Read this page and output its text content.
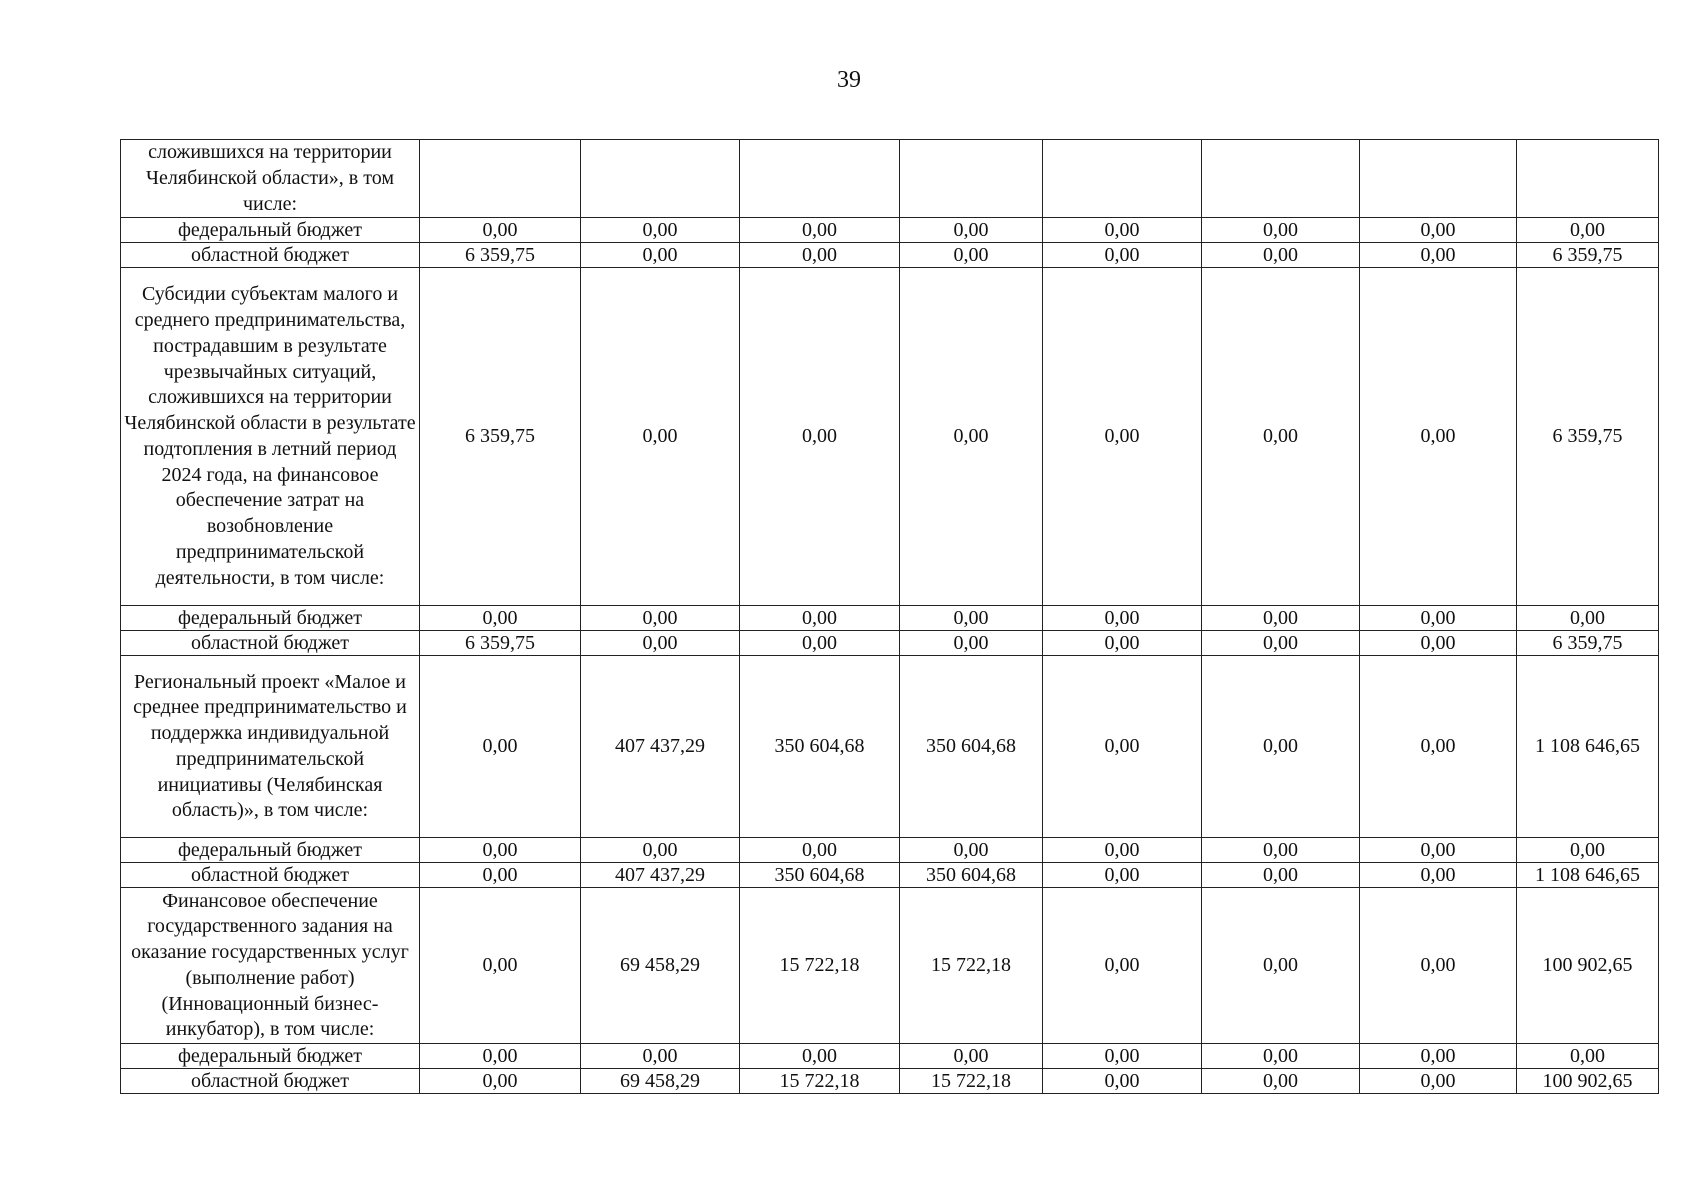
39
сложившихся на территории Челябинской области», в том числе:								
федеральный бюджет	0,00	0,00	0,00	0,00	0,00	0,00	0,00	0,00
областной бюджет	6 359,75	0,00	0,00	0,00	0,00	0,00	0,00	6 359,75
Субсидии субъектам малого и среднего предпринимательства, пострадавшим в результате чрезвычайных ситуаций, сложившихся на территории Челябинской области в результате подтопления в летний период 2024 года, на финансовое обеспечение затрат на возобновление предпринимательской деятельности, в том числе:	6 359,75	0,00	0,00	0,00	0,00	0,00	0,00	6 359,75
федеральный бюджет	0,00	0,00	0,00	0,00	0,00	0,00	0,00	0,00
областной бюджет	6 359,75	0,00	0,00	0,00	0,00	0,00	0,00	6 359,75
Региональный проект «Малое и среднее предпринимательство и поддержка индивидуальной предпринимательской инициативы (Челябинская область)», в том числе:	0,00	407 437,29	350 604,68	350 604,68	0,00	0,00	0,00	1 108 646,65
федеральный бюджет	0,00	0,00	0,00	0,00	0,00	0,00	0,00	0,00
областной бюджет	0,00	407 437,29	350 604,68	350 604,68	0,00	0,00	0,00	1 108 646,65
Финансовое обеспечение государственного задания на оказание государственных услуг (выполнение работ) (Инновационный бизнес-инкубатор), в том числе:	0,00	69 458,29	15 722,18	15 722,18	0,00	0,00	0,00	100 902,65
федеральный бюджет	0,00	0,00	0,00	0,00	0,00	0,00	0,00	0,00
областной бюджет	0,00	69 458,29	15 722,18	15 722,18	0,00	0,00	0,00	100 902,65
